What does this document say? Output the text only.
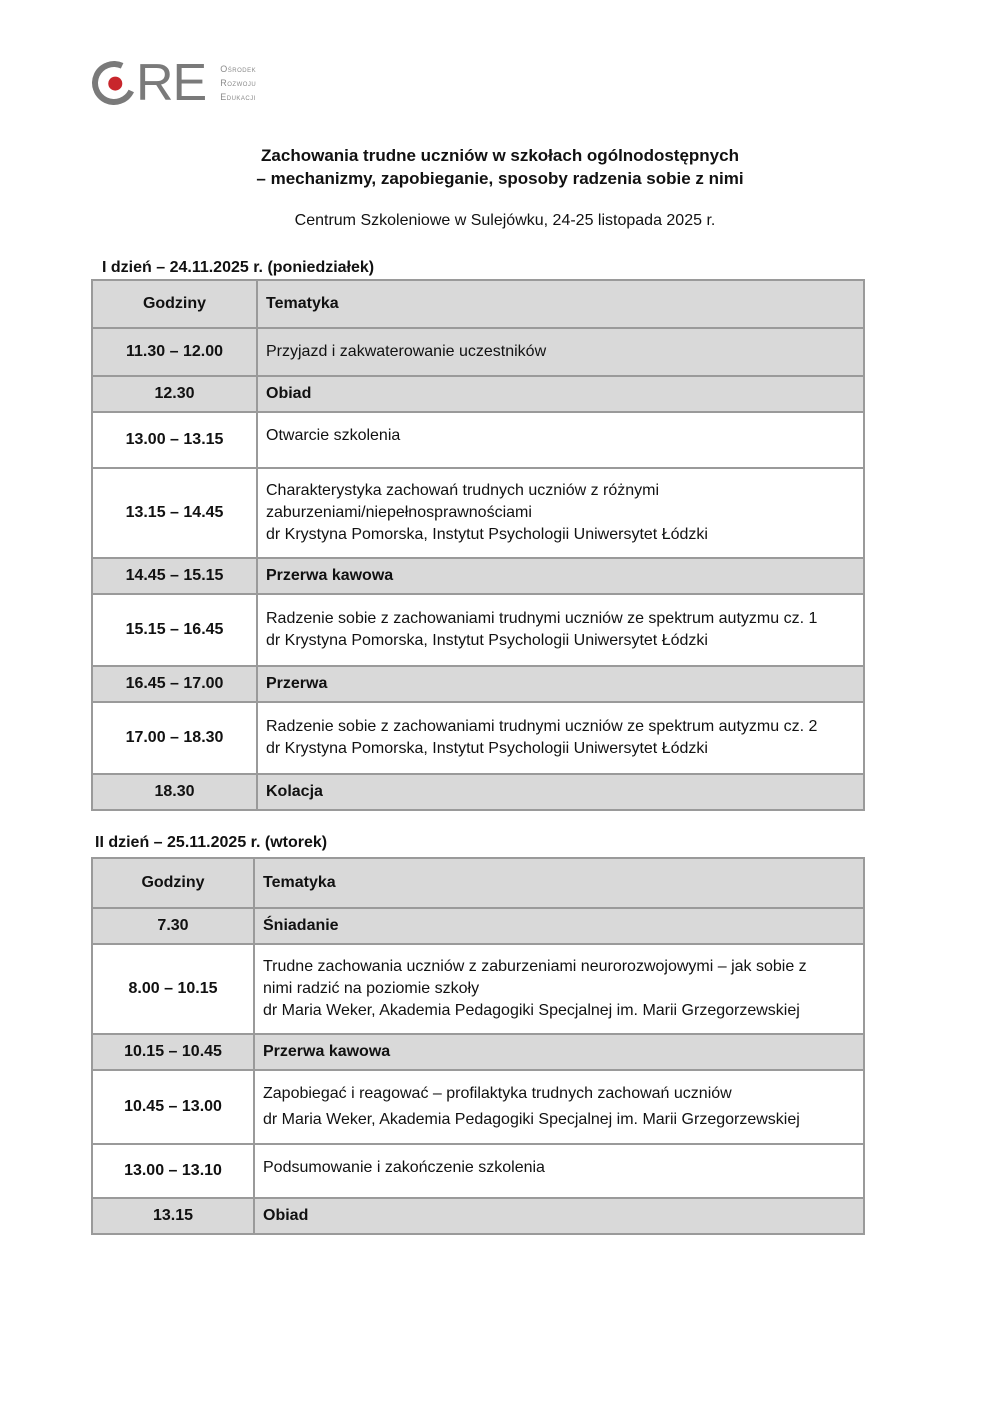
RE Ośrodek
Rozwoju
Edukacji
Zachowania trudne uczniów w szkołach ogólnodostępnych
– mechanizmy, zapobieganie, sposoby radzenia sobie z nimi
Centrum Szkoleniowe w Sulejówku, 24-25 listopada 2025 r.
I dzień – 24.11.2025 r. (poniedziałek)
Godziny	Tematyka
11.30 – 12.00	Przyjazd i zakwaterowanie uczestników

12.30	Obiad

13.00 – 13.15	Otwarcie szkolenia

13.15 – 14.45	Charakterystyka zachowań trudnych uczniów z różnymi
zaburzeniami/niepełnosprawnościami
dr Krystyna Pomorska, Instytut Psychologii Uniwersytet Łódzki

14.45 – 15.15	Przerwa kawowa

15.15 – 16.45	Radzenie sobie z zachowaniami trudnymi uczniów ze spektrum autyzmu cz. 1
dr Krystyna Pomorska, Instytut Psychologii Uniwersytet Łódzki

16.45 – 17.00	Przerwa

17.00 – 18.30	Radzenie sobie z zachowaniami trudnymi uczniów ze spektrum autyzmu cz. 2
dr Krystyna Pomorska, Instytut Psychologii Uniwersytet Łódzki

18.30	Kolacja
II dzień – 25.11.2025 r. (wtorek)
Godziny	Tematyka
7.30	Śniadanie

8.00 – 10.15	Trudne zachowania uczniów z zaburzeniami neurorozwojowymi – jak sobie z
nimi radzić na poziomie szkoły
dr Maria Weker, Akademia Pedagogiki Specjalnej im. Marii Grzegorzewskiej

10.15 – 10.45	Przerwa kawowa

10.45 – 13.00	Zapobiegać i reagować – profilaktyka trudnych zachowań uczniów
dr Maria Weker, Akademia Pedagogiki Specjalnej im. Marii Grzegorzewskiej

13.00 – 13.10	Podsumowanie i zakończenie szkolenia

13.15	Obiad
